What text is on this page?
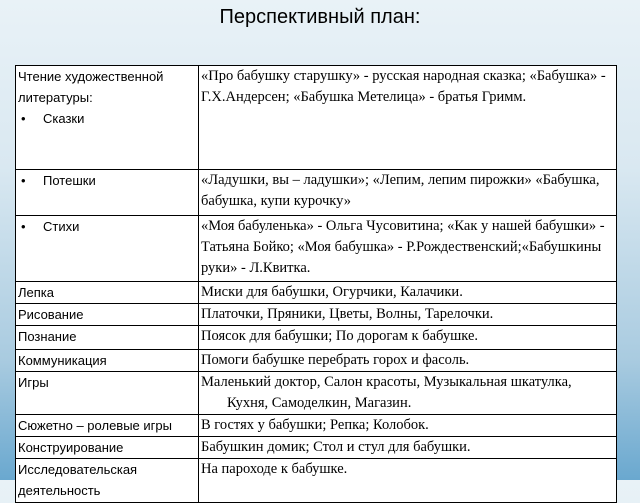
Перспективный план:
Чтение художественной литературы:
• Сказки	«Про бабушку старушку» - русская народная сказка; «Бабушка» - Г.Х.Андерсен; «Бабушка Метелица» - братья Гримм.

• Потешки	«Ладушки, вы – ладушки»; «Лепим, лепим пирожки» «Бабушка, бабушка, купи курочку»

• Стихи	«Моя бабуленька» - Ольга Чусовитина; «Как у нашей бабушки» - Татьяна Бойко; «Моя бабушка» - Р.Рождественский;«Бабушкины руки» - Л.Квитка.
Лепка	Миски для бабушки, Огурчики, Калачики.
Рисование	Платочки, Пряники, Цветы, Волны, Тарелочки.
Познание	Поясок для бабушки; По дорогам к бабушке.
Коммуникация	Помоги бабушке перебрать горох и фасоль.
Игры	Маленький доктор, Салон красоты, Музыкальная шкатулка,
Кухня, Самоделкин, Магазин.

Сюжетно – ролевые игры	В гостях у бабушки; Репка; Колобок.
Конструирование	Бабушкин домик; Стол и стул для бабушки.
Исследовательская деятельность	На пароходе к бабушке.
